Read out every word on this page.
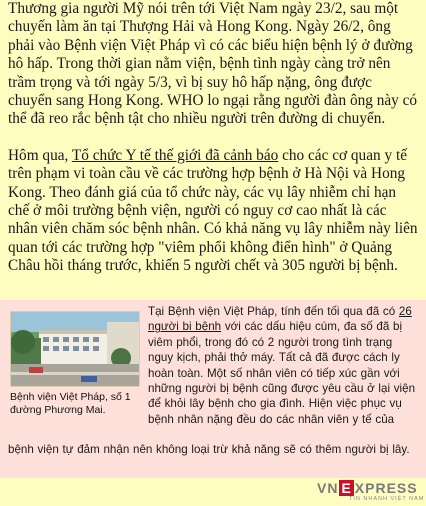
Thương gia người Mỹ nói trên tới Việt Nam ngày 23/2, sau một chuyến làm ăn tại Thượng Hải và Hong Kong. Ngày 26/2, ông phải vào Bệnh viện Việt Pháp vì có các biểu hiện bệnh lý ở đường hô hấp. Trong thời gian nằm viện, bệnh tình ngày càng trở nên trầm trọng và tới ngày 5/3, vì bị suy hô hấp nặng, ông được chuyển sang Hong Kong. WHO lo ngại rằng người đàn ông này có thể đã reo rắc bệnh tật cho nhiều người trên đường di chuyển.

Hôm qua, Tổ chức Y tế thế giới đã cảnh báo cho các cơ quan y tế trên phạm vi toàn cầu về các trường hợp bệnh ở Hà Nội và Hong Kong. Theo đánh giá của tổ chức này, các vụ lây nhiễm chỉ hạn chế ở môi trường bệnh viện, người có nguy cơ cao nhất là các nhân viên chăm sóc bệnh nhân. Có khả năng vụ lây nhiễm này liên quan tới các trường hợp "viêm phổi không điển hình" ở Quảng Châu hồi tháng trước, khiến 5 người chết và 305 người bị bệnh.

Bệnh viện Việt Pháp, số 1 đường Phương Mai.
Tại Bệnh viện Việt Pháp, tính đến tối qua đã có 26 người bị bệnh với các dấu hiệu cúm, đa số đã bị viêm phổi, trong đó có 2 người trong tình trạng nguy kịch, phải thở máy. Tất cả đã được cách ly hoàn toàn. Một số nhân viên có tiếp xúc gần với những người bị bệnh cũng được yêu cầu ở lại viện để khỏi lây bệnh cho gia đình. Hiện việc phục vụ bệnh nhân nặng đều do các nhân viên y tế của
bệnh viện tự đảm nhận nên không loại trừ khả năng sẽ có thêm người bị lây.
VN E XPRESS
TIN NHANH VIỆT NAM
